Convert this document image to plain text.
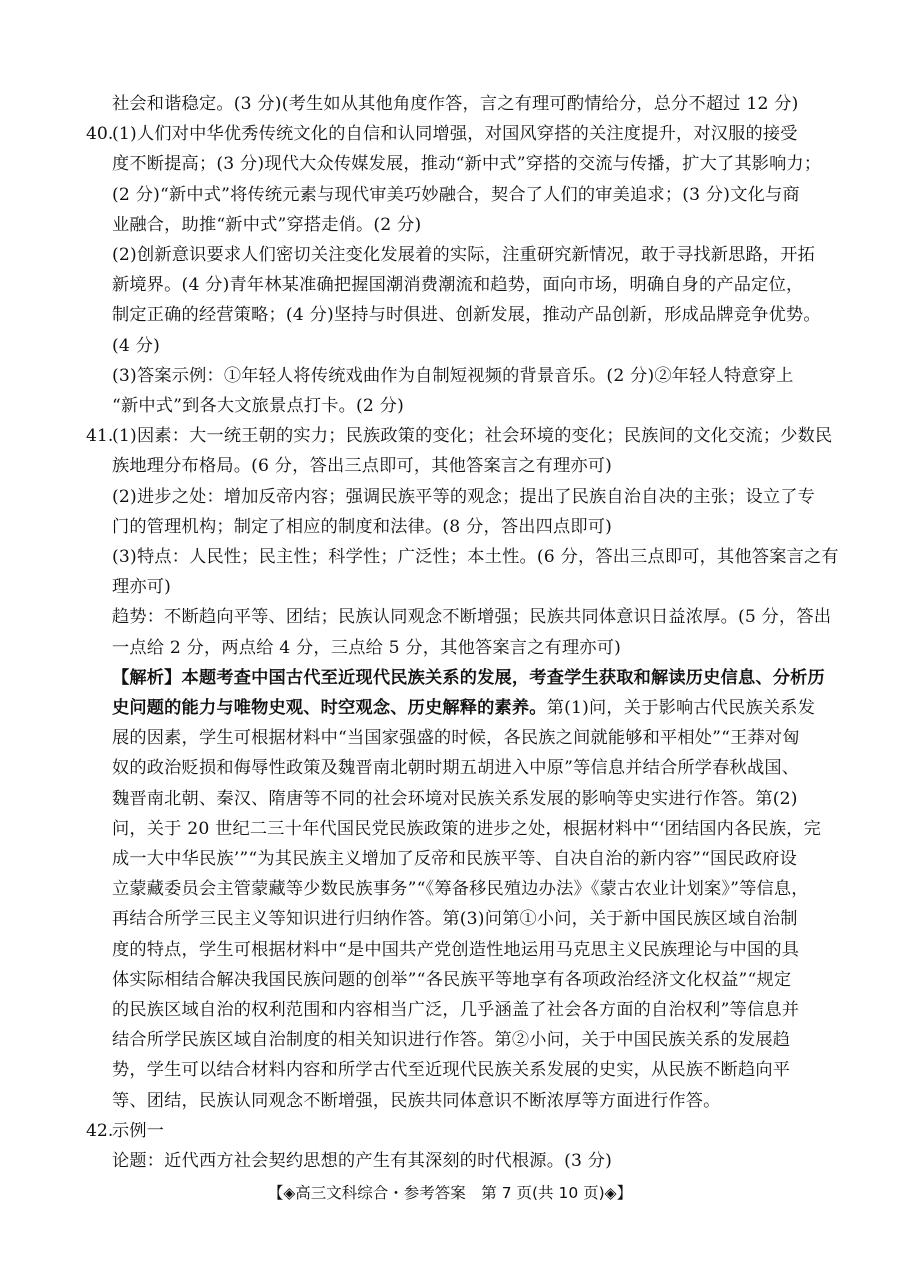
社会和谐稳定。(3 分)(考生如从其他角度作答，言之有理可酌情给分，总分不超过 12 分)
40.
(1)人们对中华优秀传统文化的自信和认同增强，对国风穿搭的关注度提升，对汉服的接受
度不断提高；(3 分)现代大众传媒发展，推动“新中式”穿搭的交流与传播，扩大了其影响力；
(2 分)“新中式”将传统元素与现代审美巧妙融合，契合了人们的审美追求；(3 分)文化与商
业融合，助推“新中式”穿搭走俏。(2 分)
(2)创新意识要求人们密切关注变化发展着的实际，注重研究新情况，敢于寻找新思路，开拓
新境界。(4 分)青年林某准确把握国潮消费潮流和趋势，面向市场，明确自身的产品定位，
制定正确的经营策略；(4 分)坚持与时俱进、创新发展，推动产品创新，形成品牌竞争优势。
(4 分)
(3)答案示例：①年轻人将传统戏曲作为自制短视频的背景音乐。(2 分)②年轻人特意穿上
“新中式”到各大文旅景点打卡。(2 分)
41.
(1)因素：大一统王朝的实力；民族政策的变化；社会环境的变化；民族间的文化交流；少数民
族地理分布格局。(6 分，答出三点即可，其他答案言之有理亦可)
(2)进步之处：增加反帝内容；强调民族平等的观念；提出了民族自治自决的主张；设立了专
门的管理机构；制定了相应的制度和法律。(8 分，答出四点即可)
(3)特点：人民性；民主性；科学性；广泛性；本土性。(6 分，答出三点即可，其他答案言之有
理亦可)
趋势：不断趋向平等、团结；民族认同观念不断增强；民族共同体意识日益浓厚。(5 分，答出
一点给 2 分，两点给 4 分，三点给 5 分，其他答案言之有理亦可)
【解析】本题考查中国古代至近现代民族关系的发展，考查学生获取和解读历史信息、分析历
史问题的能力与唯物史观、时空观念、历史解释的素养。第(1)问，关于影响古代民族关系发
展的因素，学生可根据材料中“当国家强盛的时候，各民族之间就能够和平相处”“王莽对匈
奴的政治贬损和侮辱性政策及魏晋南北朝时期五胡进入中原”等信息并结合所学春秋战国、
魏晋南北朝、秦汉、隋唐等不同的社会环境对民族关系发展的影响等史实进行作答。第(2)
问，关于 20 世纪二三十年代国民党民族政策的进步之处，根据材料中“‘团结国内各民族，完
成一大中华民族’”“为其民族主义增加了反帝和民族平等、自决自治的新内容”“国民政府设
立蒙藏委员会主管蒙藏等少数民族事务”“《筹备移民殖边办法》《蒙古农业计划案》”等信息，
再结合所学三民主义等知识进行归纳作答。第(3)问第①小问，关于新中国民族区域自治制
度的特点，学生可根据材料中“是中国共产党创造性地运用马克思主义民族理论与中国的具
体实际相结合解决我国民族问题的创举”“各民族平等地享有各项政治经济文化权益”“规定
的民族区域自治的权利范围和内容相当广泛，几乎涵盖了社会各方面的自治权利”等信息并
结合所学民族区域自治制度的相关知识进行作答。第②小问，关于中国民族关系的发展趋
势，学生可以结合材料内容和所学古代至近现代民族关系发展的史实，从民族不断趋向平
等、团结，民族认同观念不断增强，民族共同体意识不断浓厚等方面进行作答。
42.
示例一
论题：近代西方社会契约思想的产生有其深刻的时代根源。(3 分)
【◈高三文科综合・参考答案　第 7 页(共 10 页)◈】
